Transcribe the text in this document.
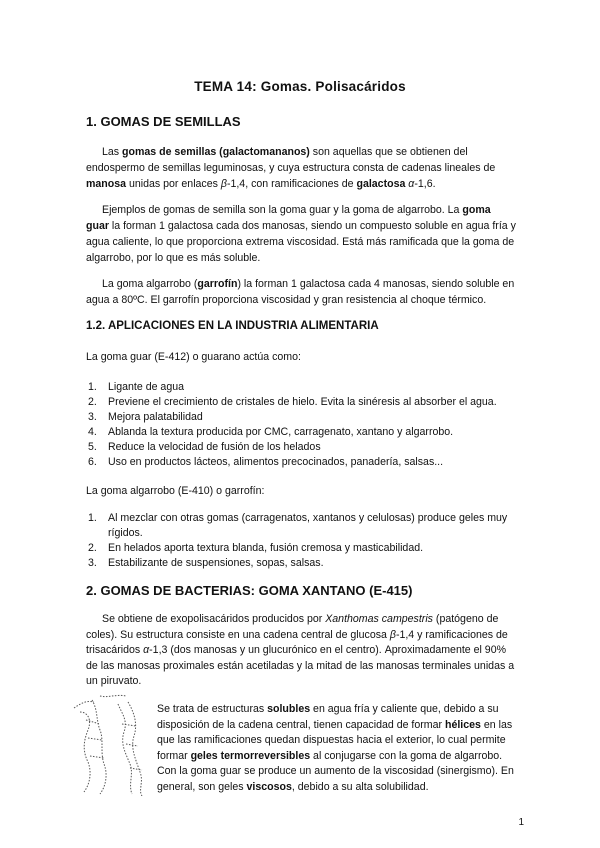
TEMA 14: Gomas. Polisacáridos
1. GOMAS DE SEMILLAS

Las gomas de semillas (galactomananos) son aquellas que se obtienen del endospermo de semillas leguminosas, y cuya estructura consta de cadenas lineales de manosa unidas por enlaces β-1,4, con ramificaciones de galactosa α-1,6.

Ejemplos de gomas de semilla son la goma guar y la goma de algarrobo. La goma guar la forman 1 galactosa cada dos manosas, siendo un compuesto soluble en agua fría y agua caliente, lo que proporciona extrema viscosidad. Está más ramificada que la goma de algarrobo, por lo que es más soluble.

La goma algarrobo (garrofín) la forman 1 galactosa cada 4 manosas, siendo soluble en agua a 80ºC. El garrofín proporciona viscosidad y gran resistencia al choque térmico.

1.2. APLICACIONES EN LA INDUSTRIA ALIMENTARIA

La goma guar (E-412) o guarano actúa como:

1. Ligante de agua
2. Previene el crecimiento de cristales de hielo. Evita la sinéresis al absorber el agua.
3. Mejora palatabilidad
4. Ablanda la textura producida por CMC, carragenato, xantano y algarrobo.
5. Reduce la velocidad de fusión de los helados
6. Uso en productos lácteos, alimentos precocinados, panadería, salsas...

La goma algarrobo (E-410) o garrofín:

1. Al mezclar con otras gomas (carragenatos, xantanos y celulosas) produce geles muy rígidos.
2. En helados aporta textura blanda, fusión cremosa y masticabilidad.
3. Estabilizante de suspensiones, sopas, salsas.
2. GOMAS DE BACTERIAS: GOMA XANTANO (E-415)

Se obtiene de exopolisacáridos producidos por Xanthomas campestris (patógeno de coles). Su estructura consiste en una cadena central de glucosa β-1,4 y ramificaciones de trisacáridos α-1,3 (dos manosas y un glucurónico en el centro). Aproximadamente el 90% de las manosas proximales están acetiladas y la mitad de las manosas terminales unidas a un piruvato.

Se trata de estructuras solubles en agua fría y caliente que, debido a su disposición de la cadena central, tienen capacidad de formar hélices en las que las ramificaciones quedan dispuestas hacia el exterior, lo cual permite formar geles termorreversibles al conjugarse con la goma de algarrobo. Con la goma guar se produce un aumento de la viscosidad (sinergismo). En general, son geles viscosos, debido a su alta solubilidad.

1
